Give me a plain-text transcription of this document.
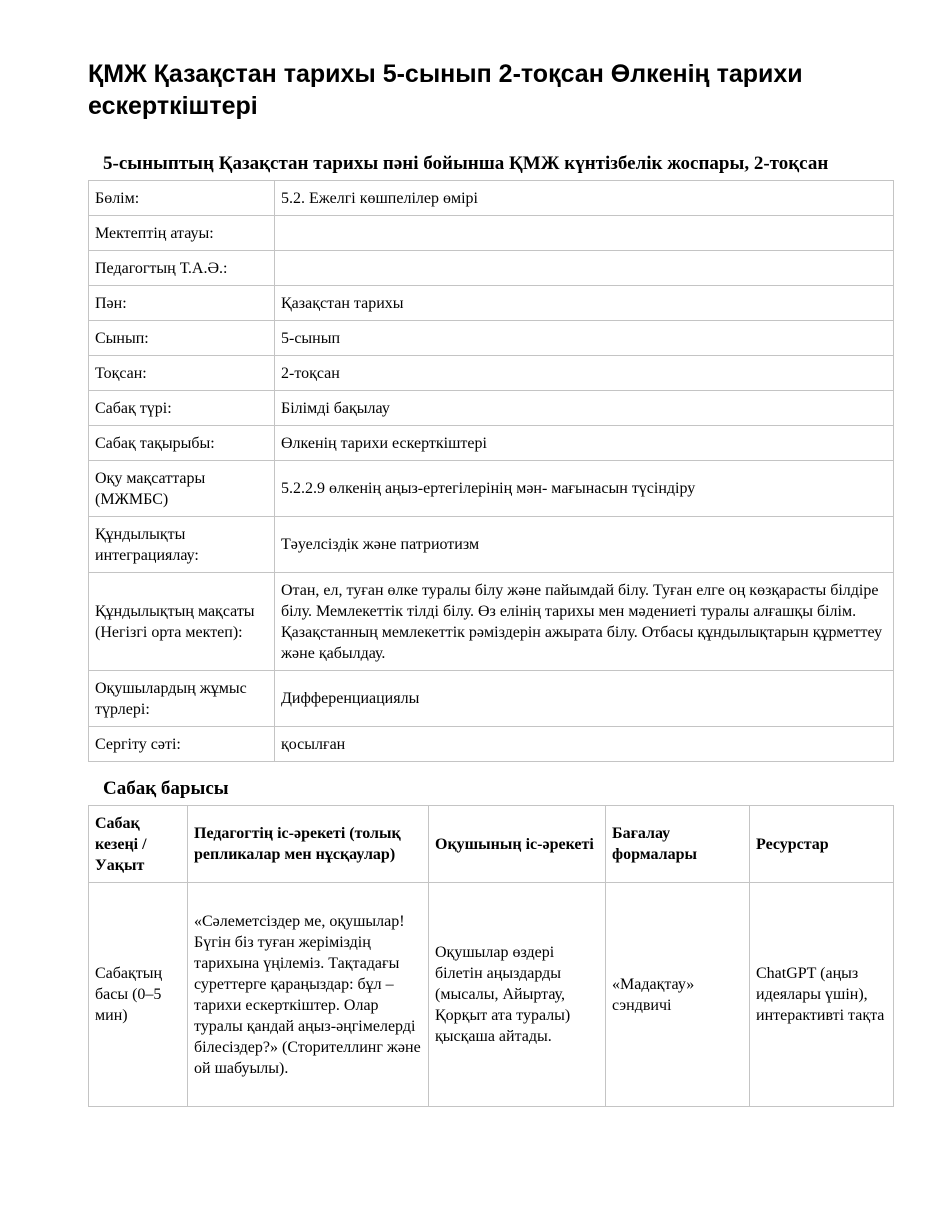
ҚМЖ Қазақстан тарихы 5-сынып 2-тоқсан Өлкенің тарихи ескерткіштері
5-сыныптың Қазақстан тарихы пәні бойынша ҚМЖ күнтізбелік жоспары, 2-тоқсан
Бөлім:	5.2. Ежелгі көшпелілер өмірі
Мектептің атауы:	
Педагогтың Т.А.Ә.:	
Пән:	Қазақстан тарихы
Сынып:	5-сынып
Тоқсан:	2-тоқсан
Сабақ түрі:	Білімді бақылау
Сабақ тақырыбы:	Өлкенің тарихи ескерткіштері
Оқу мақсаттары (МЖМБС)	5.2.2.9 өлкенің аңыз-ертегілерінің мән- мағынасын түсіндіру
Құндылықты интеграциялау:	Тәуелсіздік және патриотизм
Құндылықтың мақсаты (Негізгі орта мектеп):	Отан, ел, туған өлке туралы білу және пайымдай білу. Туған елге оң көзқарасты білдіре білу. Мемлекеттік тілді білу. Өз елінің тарихы мен мәдениеті туралы алғашқы білім. Қазақстанның мемлекеттік рәміздерін ажырата білу. Отбасы құндылықтарын құрметтеу және қабылдау.
Оқушылардың жұмыс түрлері:	Дифференциациялы
Сергіту сәті:	қосылған
Сабақ барысы
Сабақ кезеңі / Уақыт	Педагогтің іс-әрекеті (толық репликалар мен нұсқаулар)	Оқушының іс-әрекеті	Бағалау формалары	Ресурстар
Сабақтың басы (0–5 мин)	«Сәлеметсіздер ме, оқушылар! Бүгін біз туған жеріміздің тарихына үңілеміз. Тақтадағы суреттерге қараңыздар: бұл – тарихи ескерткіштер. Олар туралы қандай аңыз-әңгімелерді білесіздер?» (Сторителлинг және ой шабуылы).	Оқушылар өздері білетін аңыздарды (мысалы, Айыртау, Қорқыт ата туралы) қысқаша айтады.	«Мадақтау» сэндвичі	ChatGPT (аңыз идеялары үшін), интерактивті тақта
